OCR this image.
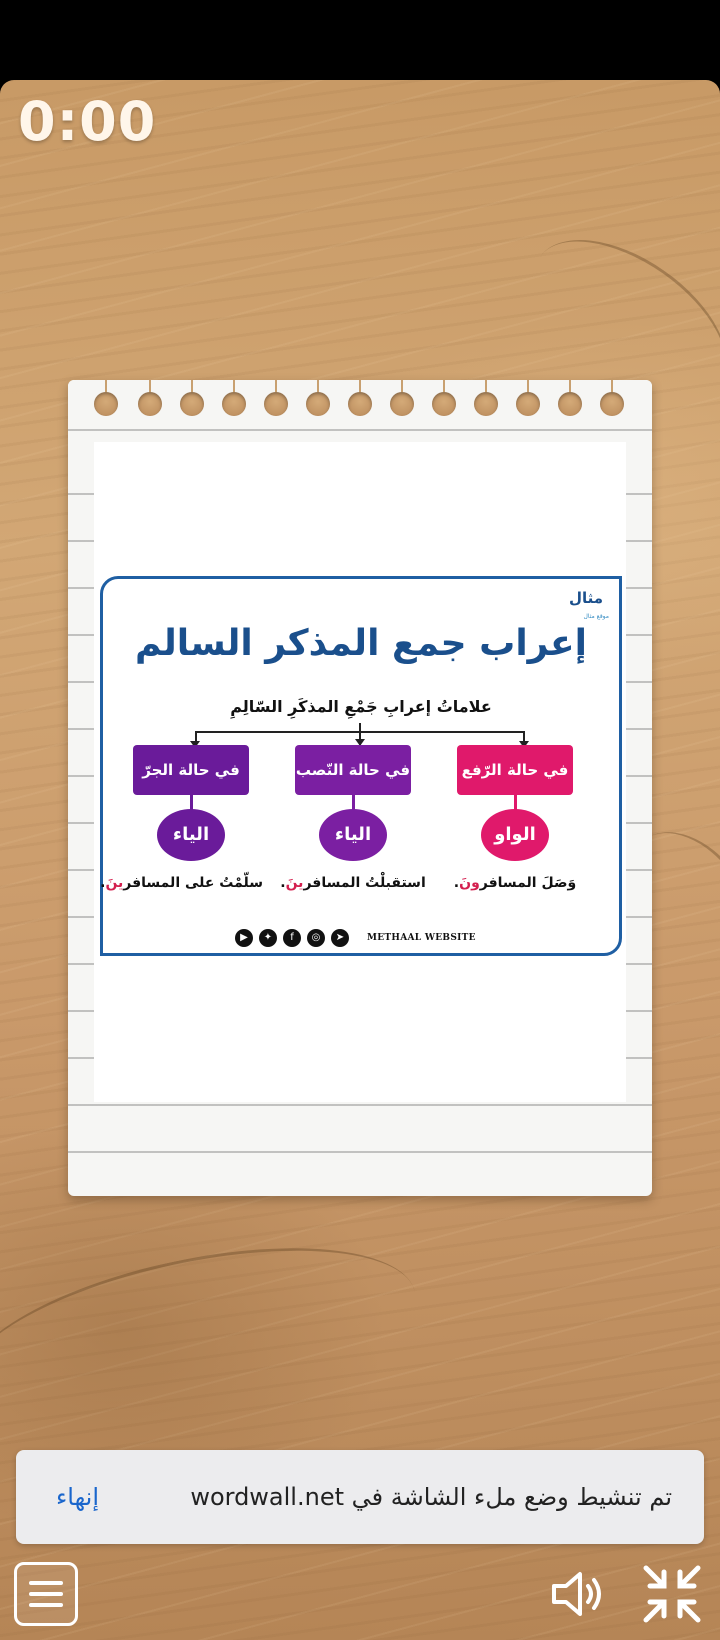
0:00
مثال
موقع مثال
إعراب جمع المذكر السالم
علاماتُ إعرابِ جَمْعِ المذكَرِ السّالِمِ
في حالة الرّفع
الواو
وَصَلَ المسافرونَ.
في حالة النّصب
الياء
استقبلْتُ المسافرينَ.
في حالة الجرّ
الياء
سلّمْتُ على المسافرينَ.
▶	✦	f	◎	➤	METHAAL WEBSITE
تم تنشيط وضع ملء الشاشة في wordwall.net
إنهاء
